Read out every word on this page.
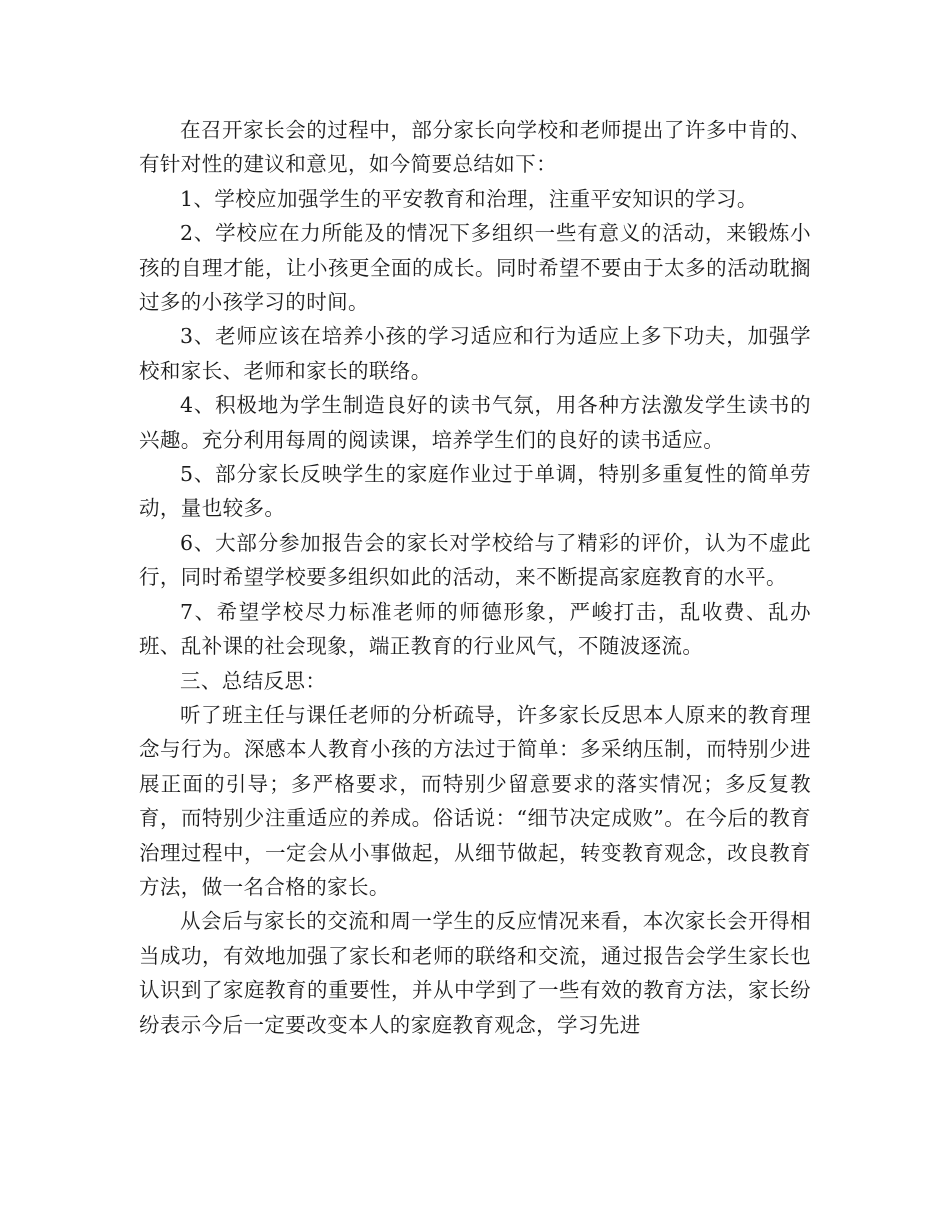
在召开家长会的过程中，部分家长向学校和老师提出了许多中肯的、有针对性的建议和意见，如今简要总结如下：

1、学校应加强学生的平安教育和治理，注重平安知识的学习。

2、学校应在力所能及的情况下多组织一些有意义的活动，来锻炼小孩的自理才能，让小孩更全面的成长。同时希望不要由于太多的活动耽搁过多的小孩学习的时间。

3、老师应该在培养小孩的学习适应和行为适应上多下功夫，加强学校和家长、老师和家长的联络。

4、积极地为学生制造良好的读书气氛，用各种方法激发学生读书的兴趣。充分利用每周的阅读课，培养学生们的良好的读书适应。

5、部分家长反映学生的家庭作业过于单调，特别多重复性的简单劳动，量也较多。

6、大部分参加报告会的家长对学校给与了精彩的评价，认为不虚此行，同时希望学校要多组织如此的活动，来不断提高家庭教育的水平。

7、希望学校尽力标准老师的师德形象，严峻打击，乱收费、乱办班、乱补课的社会现象，端正教育的行业风气，不随波逐流。

三、总结反思：

听了班主任与课任老师的分析疏导，许多家长反思本人原来的教育理念与行为。深感本人教育小孩的方法过于简单：多采纳压制，而特别少进展正面的引导；多严格要求，而特别少留意要求的落实情况；多反复教育，而特别少注重适应的养成。俗话说：“细节决定成败”。在今后的教育治理过程中，一定会从小事做起，从细节做起，转变教育观念，改良教育方法，做一名合格的家长。

从会后与家长的交流和周一学生的反应情况来看，本次家长会开得相当成功，有效地加强了家长和老师的联络和交流，通过报告会学生家长也认识到了家庭教育的重要性，并从中学到了一些有效的教育方法，家长纷纷表示今后一定要改变本人的家庭教育观念，学习先进
